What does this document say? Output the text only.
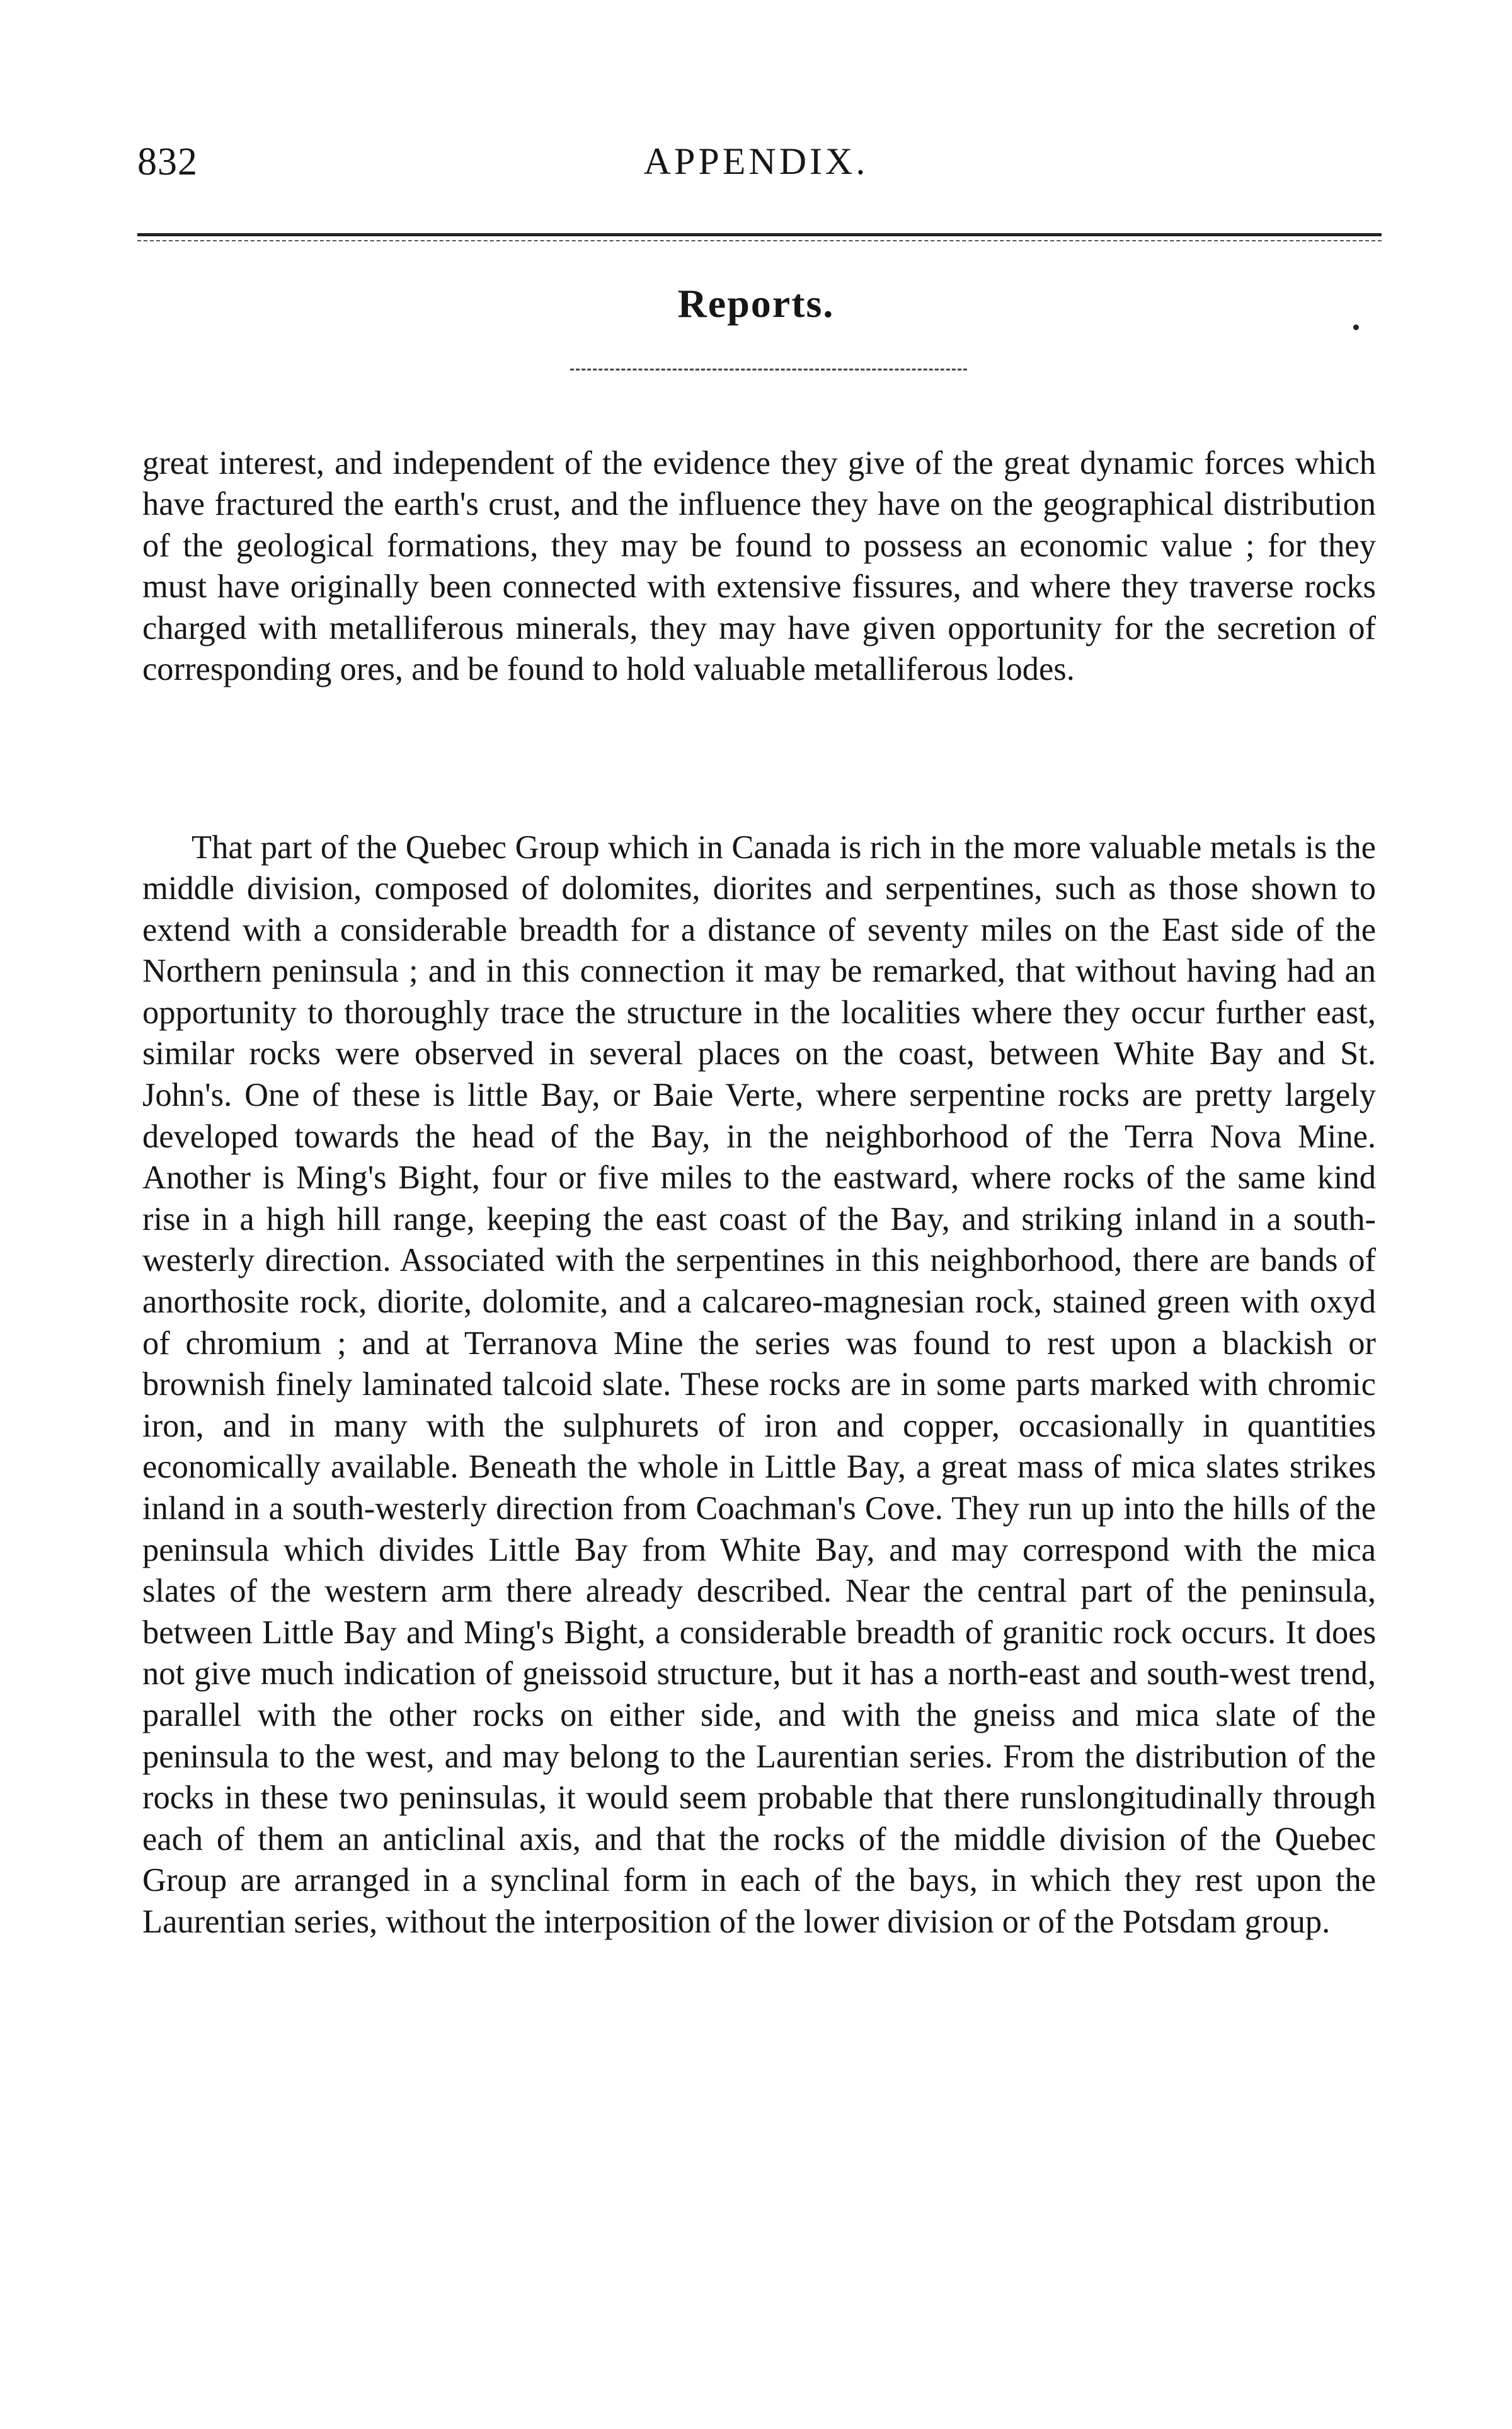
832	APPENDIX.
Reports.

great interest, and independent of the evidence they give of the great dynamic forces which have fractured the earth's crust, and the influence they have on the geographical distribution of the geological formations, they may be found to possess an economic value ; for they must have originally been connected with extensive fissures, and where they traverse rocks charged with metalliferous minerals, they may have given opportunity for the secretion of corresponding ores, and be found to hold valuable metalliferous lodes.

That part of the Quebec Group which in Canada is rich in the more valuable metals is the middle division, composed of dolomites, diorites and serpentines, such as those shown to extend with a considerable breadth for a distance of seventy miles on the East side of the Northern peninsula ; and in this connection it may be remarked, that without having had an opportunity to thoroughly trace the structure in the localities where they occur further east, similar rocks were observed in several places on the coast, between White Bay and St. John's. One of these is little Bay, or Baie Verte, where serpentine rocks are pretty largely developed towards the head of the Bay, in the neighborhood of the Terra Nova Mine. Another is Ming's Bight, four or five miles to the eastward, where rocks of the same kind rise in a high hill range, keeping the east coast of the Bay, and striking inland in a south-westerly direction. Associated with the serpentines in this neighborhood, there are bands of anorthosite rock, diorite, dolomite, and a calcareo-magnesian rock, stained green with oxyd of chromium ; and at Terranova Mine the series was found to rest upon a blackish or brownish finely laminated talcoid slate. These rocks are in some parts marked with chromic iron, and in many with the sulphurets of iron and copper, occasionally in quantities economically available. Beneath the whole in Little Bay, a great mass of mica slates strikes inland in a south-westerly direction from Coachman's Cove. They run up into the hills of the peninsula which divides Little Bay from White Bay, and may correspond with the mica slates of the western arm there already described. Near the central part of the peninsula, between Little Bay and Ming's Bight, a considerable breadth of granitic rock occurs. It does not give much indication of gneissoid structure, but it has a north-east and south-west trend, parallel with the other rocks on either side, and with the gneiss and mica slate of the peninsula to the west, and may belong to the Laurentian series. From the distribution of the rocks in these two peninsulas, it would seem probable that there runslongitudinally through each of them an anticlinal axis, and that the rocks of the middle division of the Quebec Group are arranged in a synclinal form in each of the bays, in which they rest upon the Laurentian series, without the interposition of the lower division or of the Potsdam group.
